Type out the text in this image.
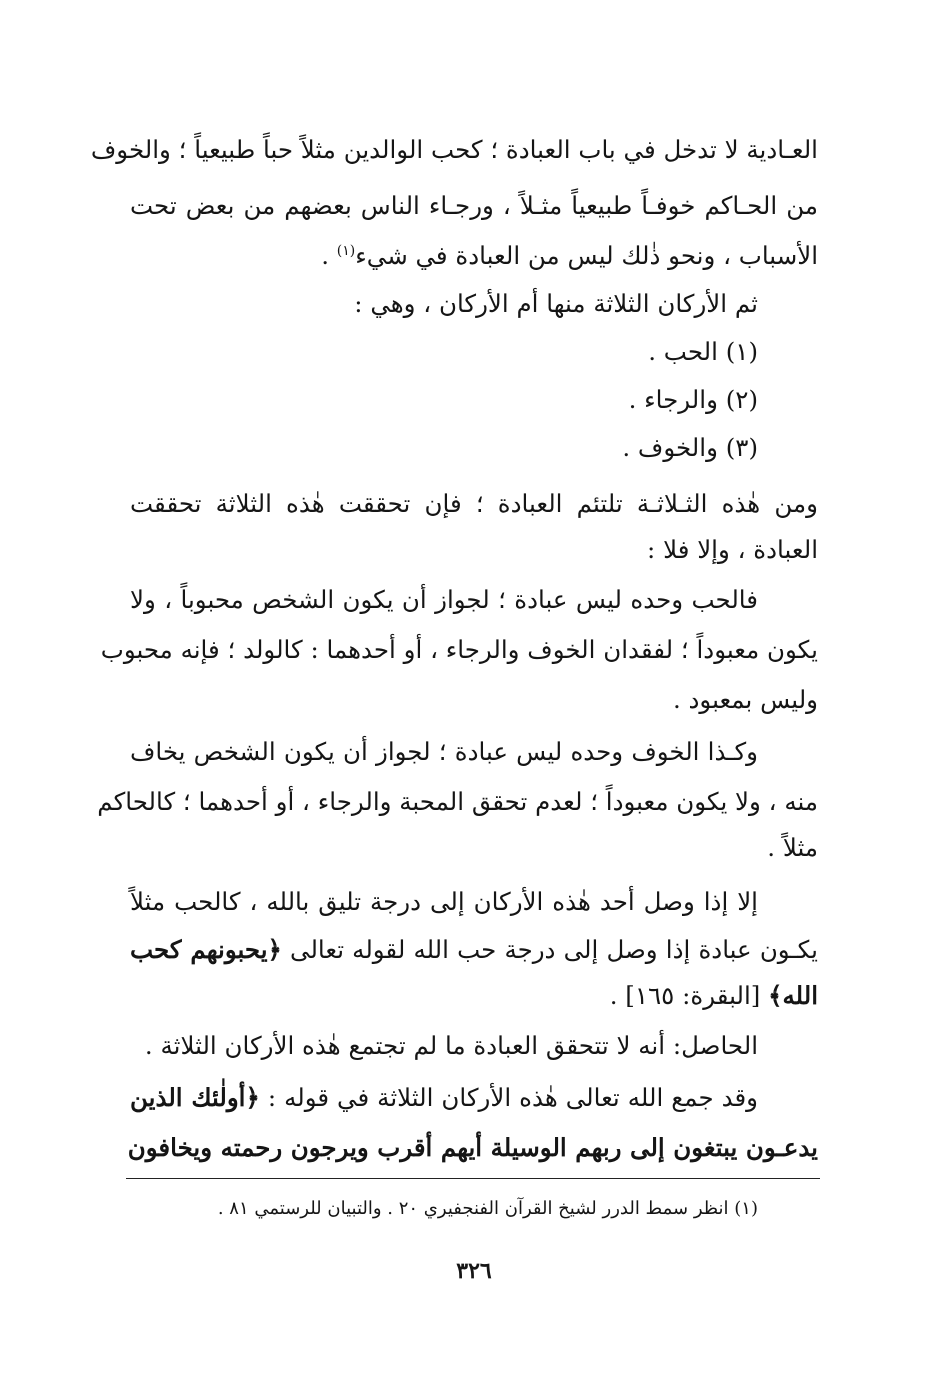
العـادية لا تدخل في باب العبادة ؛ كحب الوالدين مثلاً حباً طبيعياً ؛ والخوف
من الحـاكم خوفـاً طبيعياً مثـلاً ، ورجـاء الناس بعضهم من بعض تحت
الأسباب ، ونحو ذٰلك ليس من العبادة في شيء$^{(١)}$ .
ثم الأركان الثلاثة منها أم الأركان ، وهي :
(١) الحب .
(٢) والرجاء .
(٣) والخوف .
ومن هٰذه الثـلاثـة تلتئم العبادة ؛ فإن تحققت هٰذه الثلاثة تحققت
العبادة ، وإلا فلا :
فالحب وحده ليس عبادة ؛ لجواز أن يكون الشخص محبوباً ، ولا
يكون معبوداً ؛ لفقدان الخوف والرجاء ، أو أحدهما : كالولد ؛ فإنه محبوب
وليس بمعبود .
وكـذا الخوف وحده ليس عبادة ؛ لجواز أن يكون الشخص يخاف
منه ، ولا يكون معبوداً ؛ لعدم تحقق المحبة والرجاء ، أو أحدهما ؛ كالحاكم
مثلاً .
إلا إذا وصل أحد هٰذه الأركان إلى درجة تليق بالله ، كالحب مثلاً
يكـون عبادة إذا وصل إلى درجة حب الله لقوله تعالى ﴿يحبونهم كحب
الله﴾ [البقرة: ١٦٥] .
الحاصل: أنه لا تتحقق العبادة ما لم تجتمع هٰذه الأركان الثلاثة .
وقد جمع الله تعالى هٰذه الأركان الثلاثة في قوله : ﴿أولٰئك الذين
يدعـون يبتغون إلى ربهم الوسيلة أيهم أقرب ويرجون رحمته ويخافون
(١) انظر سمط الدرر لشيخ القرآن الفنجفيري ٢٠ . والتبيان للرستمي ٨١ .
٣٢٦
